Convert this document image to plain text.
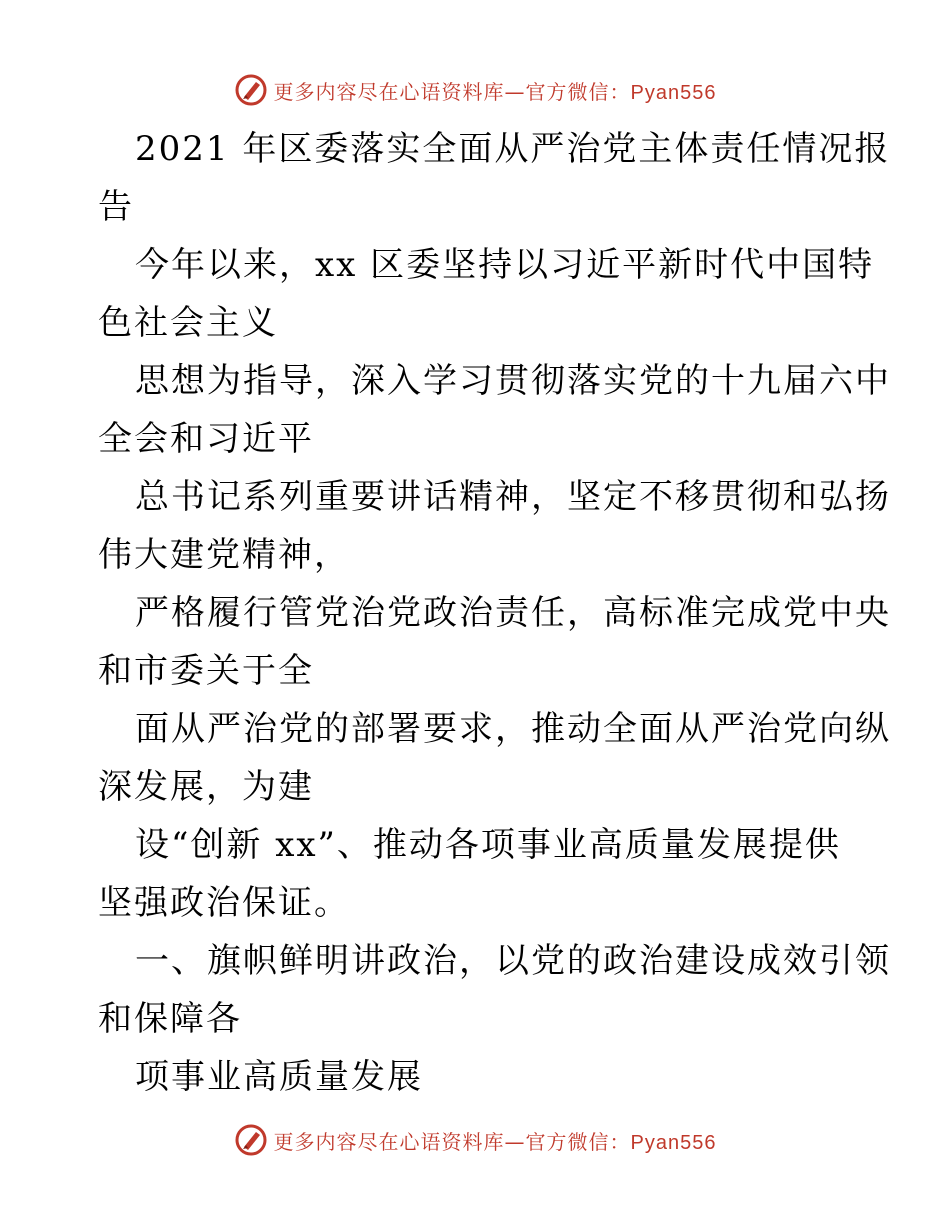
更多内容尽在心语资料库—官方微信：Pyan556
2021 年区委落实全面从严治党主体责任情况报
告
今年以来，xx 区委坚持以习近平新时代中国特
色社会主义
思想为指导，深入学习贯彻落实党的十九届六中
全会和习近平
总书记系列重要讲话精神，坚定不移贯彻和弘扬
伟大建党精神，
严格履行管党治党政治责任，高标准完成党中央
和市委关于全
面从严治党的部署要求，推动全面从严治党向纵
深发展，为建
设“创新 xx”、推动各项事业高质量发展提供
坚强政治保证。
一、旗帜鲜明讲政治，以党的政治建设成效引领
和保障各
项事业高质量发展
更多内容尽在心语资料库—官方微信：Pyan556
